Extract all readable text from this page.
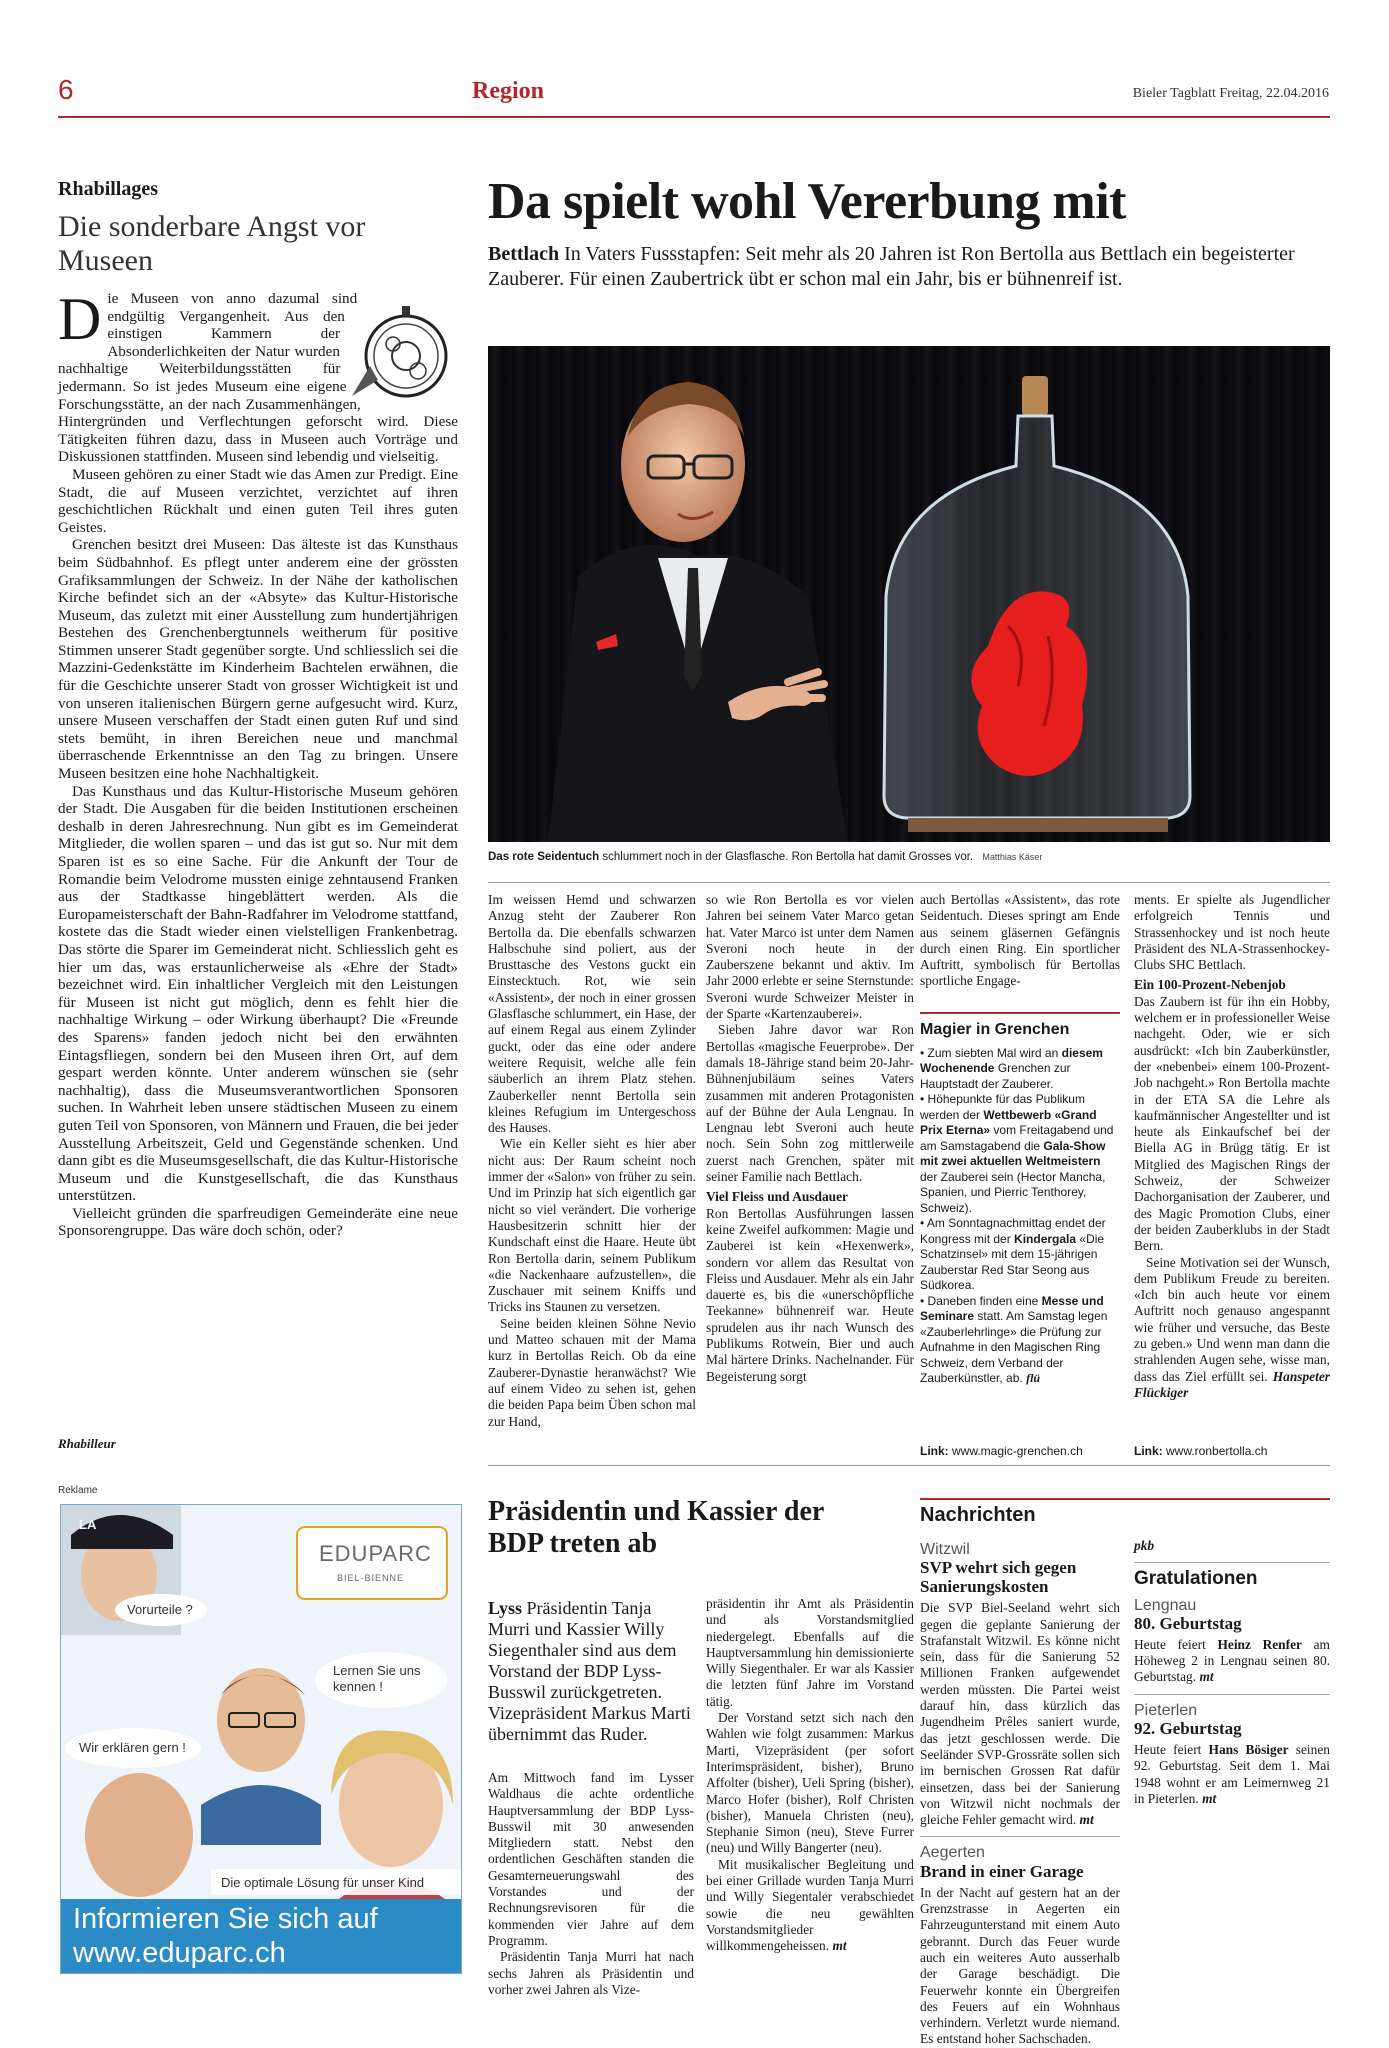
6	Region	Bieler Tagblatt Freitag, 22.04.2016
Rhabillages
Die sonderbare Angst vor Museen

D ie Museen von anno dazumal sind endgültig Vergangenheit. Aus den einstigen Kammern der Absonderlichkeiten der Natur wurden nachhaltige Weiterbildungsstätten für jedermann. So ist jedes Museum eine eigene Forschungsstätte, an der nach Zusammenhängen, Hintergründen und Verflechtungen geforscht wird. Diese Tätigkeiten führen dazu, dass in Museen auch Vorträge und Diskussionen stattfinden. Museen sind lebendig und vielseitig.

Museen gehören zu einer Stadt wie das Amen zur Predigt. Eine Stadt, die auf Museen verzichtet, verzichtet auf ihren geschichtlichen Rückhalt und einen guten Teil ihres guten Geistes.

Grenchen besitzt drei Museen: Das älteste ist das Kunsthaus beim Südbahnhof. Es pflegt unter anderem eine der grössten Grafiksammlungen der Schweiz. In der Nähe der katholischen Kirche befindet sich an der «Absyte» das Kultur-Historische Museum, das zuletzt mit einer Ausstellung zum hundertjährigen Bestehen des Grenchenbergtunnels weitherum für positive Stimmen unserer Stadt gegenüber sorgte. Und schliesslich sei die Mazzini-Gedenkstätte im Kinderheim Bachtelen erwähnen, die für die Geschichte unserer Stadt von grosser Wichtigkeit ist und von unseren italienischen Bürgern gerne aufgesucht wird. Kurz, unsere Museen verschaffen der Stadt einen guten Ruf und sind stets bemüht, in ihren Bereichen neue und manchmal überraschende Erkenntnisse an den Tag zu bringen. Unsere Museen besitzen eine hohe Nachhaltigkeit.

Das Kunsthaus und das Kultur-Historische Museum gehören der Stadt. Die Ausgaben für die beiden Institutionen erscheinen deshalb in deren Jahresrechnung. Nun gibt es im Gemeinderat Mitglieder, die wollen sparen – und das ist gut so. Nur mit dem Sparen ist es so eine Sache. Für die Ankunft der Tour de Romandie beim Velodrome mussten einige zehntausend Franken aus der Stadtkasse hingeblättert werden. Als die Europameisterschaft der Bahn-Radfahrer im Velodrome stattfand, kostete das die Stadt wieder einen vielstelligen Frankenbetrag. Das störte die Sparer im Gemeinderat nicht. Schliesslich geht es hier um das, was erstaunlicherweise als «Ehre der Stadt» bezeichnet wird. Ein inhaltlicher Vergleich mit den Leistungen für Museen ist nicht gut möglich, denn es fehlt hier die nachhaltige Wirkung – oder Wirkung überhaupt? Die «Freunde des Sparens» fanden jedoch nicht bei den erwähnten Eintagsfliegen, sondern bei den Museen ihren Ort, auf dem gespart werden könnte. Unter anderem wünschen sie (sehr nachhaltig), dass die Museumsverantwortlichen Sponsoren suchen. In Wahrheit leben unsere städtischen Museen zu einem guten Teil von Sponsoren, von Männern und Frauen, die bei jeder Ausstellung Arbeitszeit, Geld und Gegenstände schenken. Und dann gibt es die Museumsgesellschaft, die das Kultur-Historische Museum und die Kunstgesellschaft, die das Kunsthaus unterstützen.

Vielleicht gründen die sparfreudigen Gemeinderäte eine neue Sponsorengruppe. Das wäre doch schön, oder?

Rhabilleur
Da spielt wohl Vererbung mit
Bettlach In Vaters Fussstapfen: Seit mehr als 20 Jahren ist Ron Bertolla aus Bettlach ein begeisterter Zauberer. Für einen Zaubertrick übt er schon mal ein Jahr, bis er bühnenreif ist.
Das rote Seidentuch schlummert noch in der Glasflasche. Ron Bertolla hat damit Grosses vor. Matthias Käser

Im weissen Hemd und schwarzen Anzug steht der Zauberer Ron Bertolla da. Die ebenfalls schwarzen Halbschuhe sind poliert, aus der Brusttasche des Vestons guckt ein Einstecktuch. Rot, wie sein «Assistent», der noch in einer grossen Glasflasche schlummert, ein Hase, der auf einem Regal aus einem Zylinder guckt, oder das eine oder andere weitere Requisit, welche alle fein säuberlich an ihrem Platz stehen. Zauberkeller nennt Bertolla sein kleines Refugium im Untergeschoss des Hauses.

Wie ein Keller sieht es hier aber nicht aus: Der Raum scheint noch immer der «Salon» von früher zu sein. Und im Prinzip hat sich eigentlich gar nicht so viel verändert. Die vorherige Hausbesitzerin schnitt hier der Kundschaft einst die Haare. Heute übt Ron Bertolla darin, seinem Publikum «die Nackenhaare aufzustellen», die Zuschauer mit seinem Kniffs und Tricks ins Staunen zu versetzen.

Seine beiden kleinen Söhne Nevio und Matteo schauen mit der Mama kurz in Bertollas Reich. Ob da eine Zauberer-Dynastie heranwächst? Wie auf einem Video zu sehen ist, gehen die beiden Papa beim Üben schon mal zur Hand,

so wie Ron Bertolla es vor vielen Jahren bei seinem Vater Marco getan hat. Vater Marco ist unter dem Namen Sveroni noch heute in der Zauberszene bekannt und aktiv. Im Jahr 2000 erlebte er seine Sternstunde: Sveroni wurde Schweizer Meister in der Sparte «Kartenzauberei».

Sieben Jahre davor war Ron Bertollas «magische Feuerprobe». Der damals 18-Jährige stand beim 20-Jahr-Bühnenjubiläum seines Vaters zusammen mit anderen Protagonisten auf der Bühne der Aula Lengnau. In Lengnau lebt Sveroni auch heute noch. Sein Sohn zog mittlerweile zuerst nach Grenchen, später mit seiner Familie nach Bettlach.

Viel Fleiss und Ausdauer

Ron Bertollas Ausführungen lassen keine Zweifel aufkommen: Magie und Zauberei ist kein «Hexenwerk», sondern vor allem das Resultat von Fleiss und Ausdauer. Mehr als ein Jahr dauerte es, bis die «unerschöpfliche Teekanne» bühnenreif war. Heute sprudelen aus ihr nach Wunsch des Publikums Rotwein, Bier und auch Mal härtere Drinks. Nachelnander. Für Begeisterung sorgt

auch Bertollas «Assistent», das rote Seidentuch. Dieses springt am Ende aus seinem gläsernen Gefängnis durch einen Ring. Ein sportlicher Auftritt, symbolisch für Bertollas sportliche Engage-

ments. Er spielte als Jugendlicher erfolgreich Tennis und Strassenhockey und ist noch heute Präsident des NLA-Strassenhockey-Clubs SHC Bettlach.

Ein 100-Prozent-Nebenjob

Das Zaubern ist für ihn ein Hobby, welchem er in professioneller Weise nachgeht. Oder, wie er sich ausdrückt: «Ich bin Zauberkünstler, der «nebenbei» einem 100-Prozent-Job nachgeht.» Ron Bertolla machte in der ETA SA die Lehre als kaufmännischer Angestellter und ist heute als Einkaufschef bei der Biella AG in Brügg tätig. Er ist Mitglied des Magischen Rings der Schweiz, der Schweizer Dachorganisation der Zauberer, und des Magic Promotion Clubs, einer der beiden Zauberklubs in der Stadt Bern.

Seine Motivation sei der Wunsch, dem Publikum Freude zu bereiten. «Ich bin auch heute vor einem Auftritt noch genauso angespannt wie früher und versuche, das Beste zu geben.» Und wenn man dann die strahlenden Augen sehe, wisse man, dass das Ziel erfüllt sei. Hanspeter Flückiger

Magier in Grenchen
• Zum siebten Mal wird an diesem Wochenende Grenchen zur Hauptstadt der Zauberer.
• Höhepunkte für das Publikum werden der Wettbewerb «Grand Prix Eterna» vom Freitagabend und am Samstagabend die Gala-Show mit zwei aktuellen Weltmeistern der Zauberei sein (Hector Mancha, Spanien, und Pierric Tenthorey, Schweiz).
• Am Sonntagnachmittag endet der Kongress mit der Kindergala «Die Schatzinsel» mit dem 15-jährigen Zauberstar Red Star Seong aus Südkorea.
• Daneben finden eine Messe und Seminare statt. Am Samstag legen «Zauberlehrlinge» die Prüfung zur Aufnahme in den Magischen Ring Schweiz, dem Verband der Zauberkünstler, ab. flü
Link: www.magic-grenchen.ch	Link: www.ronbertolla.ch
Reklame
LA
EDUPARC
BIEL-BIENNE
Vorurteile ?
Lernen Sie uns kennen !
Wir erklären gern !
Die optimale Lösung für unser Kind
Informieren Sie sich auf
www.eduparc.ch
Präsidentin und Kassier der BDP treten ab
Lyss Präsidentin Tanja Murri und Kassier Willy Siegenthaler sind aus dem Vorstand der BDP Lyss-Busswil zurückgetreten. Vizepräsident Markus Marti übernimmt das Ruder.

Am Mittwoch fand im Lysser Waldhaus die achte ordentliche Hauptversammlung der BDP Lyss-Busswil mit 30 anwesenden Mitgliedern statt. Nebst den ordentlichen Geschäften standen die Gesamterneuerungswahl des Vorstandes und der Rechnungsrevisoren für die kommenden vier Jahre auf dem Programm.

Präsidentin Tanja Murri hat nach sechs Jahren als Präsidentin und vorher zwei Jahren als Vize-

präsidentin ihr Amt als Präsidentin und als Vorstandsmitglied niedergelegt. Ebenfalls auf die Hauptversammlung hin demissionierte Willy Siegenthaler. Er war als Kassier die letzten fünf Jahre im Vorstand tätig.

Der Vorstand setzt sich nach den Wahlen wie folgt zusammen: Markus Marti, Vizepräsident (per sofort Interimspräsident, bisher), Bruno Affolter (bisher), Ueli Spring (bisher), Marco Hofer (bisher), Rolf Christen (bisher), Manuela Christen (neu), Stephanie Simon (neu), Steve Furrer (neu) und Willy Bangerter (neu).

Mit musikalischer Begleitung und bei einer Grillade wurden Tanja Murri und Willy Siegentaler verabschiedet sowie die neu gewählten Vorstandsmitglieder willkommengeheissen. mt

Nachrichten
Witzwil
SVP wehrt sich gegen Sanierungskosten

Die SVP Biel-Seeland wehrt sich gegen die geplante Sanierung der Strafanstalt Witzwil. Es könne nicht sein, dass für die Sanierung 52 Millionen Franken aufgewendet werden müssten. Die Partei weist darauf hin, dass kürzlich das Jugendheim Prêles saniert wurde, das jetzt geschlossen werde. Die Seeländer SVP-Grossräte sollen sich im bernischen Grossen Rat dafür einsetzen, dass bei der Sanierung von Witzwil nicht nochmals der gleiche Fehler gemacht wird. mt

Aegerten
Brand in einer Garage

In der Nacht auf gestern hat an der Grenzstrasse in Aegerten ein Fahrzeugunterstand mit einem Auto gebrannt. Durch das Feuer wurde auch ein weiteres Auto ausserhalb der Garage beschädigt. Die Feuerwehr konnte ein Übergreifen des Feuers auf ein Wohnhaus verhindern. Verletzt wurde niemand. Es entstand hoher Sachschaden.

pkb

Gratulationen
Lengnau
80. Geburtstag

Heute feiert Heinz Renfer am Höheweg 2 in Lengnau seinen 80. Geburtstag. mt

Pieterlen
92. Geburtstag

Heute feiert Hans Bösiger seinen 92. Geburtstag. Seit dem 1. Mai 1948 wohnt er am Leimernweg 21 in Pieterlen. mt
